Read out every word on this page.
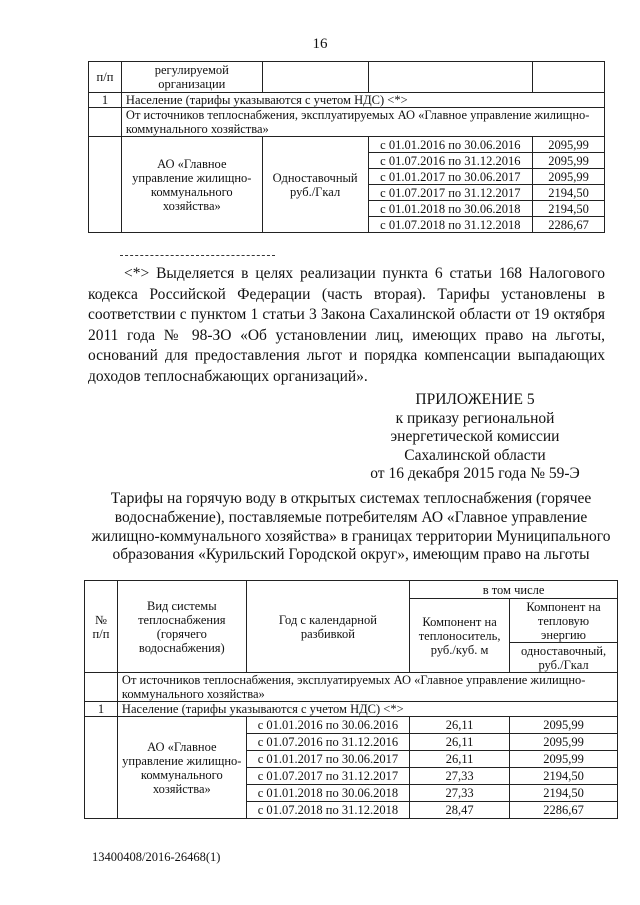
16
п/п	регулируемой организации			
1	Население (тарифы указываются с учетом НДС) <*>			
	От источников теплоснабжения, эксплуатируемых АО «Главное управление жилищно-коммунального хозяйства»			
	АО «Главное управление жилищно-коммунального хозяйства»	Одноставочный руб./Гкал	с 01.01.2016 по 30.06.2016	2095,99
			с 01.07.2016 по 31.12.2016	2095,99
			с 01.01.2017 по 30.06.2017	2095,99
			с 01.07.2017 по 31.12.2017	2194,50
			с 01.01.2018 по 30.06.2018	2194,50
			с 01.07.2018 по 31.12.2018	2286,67
<*> Выделяется в целях реализации пункта 6 статьи 168 Налогового кодекса Российской Федерации (часть вторая). Тарифы установлены в соответствии с пунктом 1 статьи 3 Закона Сахалинской области от 19 октября 2011 года № 98-ЗО «Об установлении лиц, имеющих право на льготы, оснований для предоставления льгот и порядка компенсации выпадающих доходов теплоснабжающих организаций».
ПРИЛОЖЕНИЕ 5
к приказу региональной
энергетической комиссии
Сахалинской области
от 16 декабря 2015 года № 59-Э
Тарифы на горячую воду в открытых системах теплоснабжения (горячее водоснабжение), поставляемые потребителям АО «Главное управление жилищно-коммунального хозяйства» в границах территории Муниципального образования «Курильский Городской округ», имеющим право на льготы
№ п/п	Вид системы теплоснабжения (горячего водоснабжения)	Год с календарной разбивкой	в том числе	
			Компонент на теплоноситель, руб./куб. м	Компонент на тепловую энергию
				одноставочный, руб./Гкал
	От источников теплоснабжения, эксплуатируемых АО «Главное управление жилищно-коммунального хозяйства»			
1	Население (тарифы указываются с учетом НДС) <*>			
	АО «Главное управление жилищно-коммунального хозяйства»	с 01.01.2016 по 30.06.2016	26,11	2095,99
		с 01.07.2016 по 31.12.2016	26,11	2095,99
		с 01.01.2017 по 30.06.2017	26,11	2095,99
		с 01.07.2017 по 31.12.2017	27,33	2194,50
		с 01.01.2018 по 30.06.2018	27,33	2194,50
		с 01.07.2018 по 31.12.2018	28,47	2286,67
13400408/2016-26468(1)
